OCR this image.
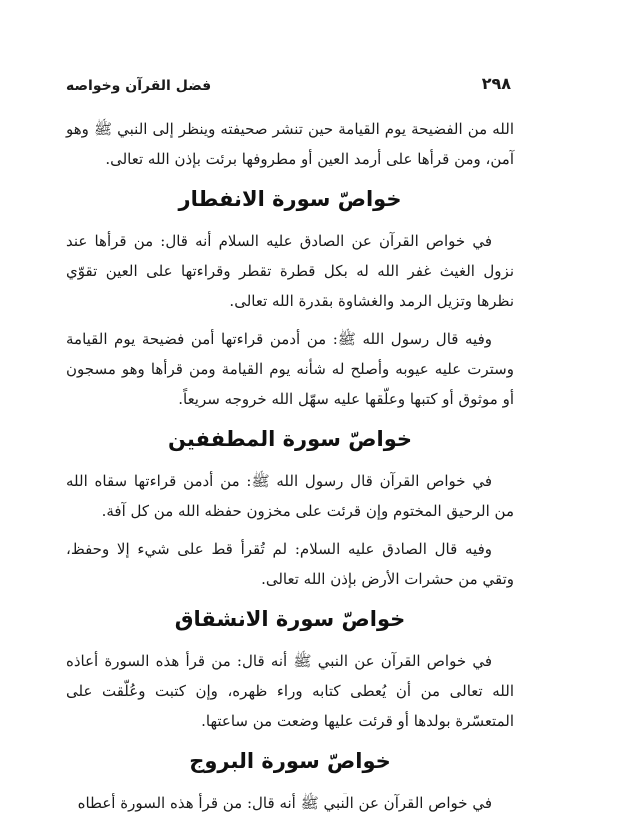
٢٩٨
فضل القرآن وخواصه

الله من الفضيحة يوم القيامة حين تنشر صحيفته وينظر إلى النبي ﷺ وهو آمن، ومن قرأها على أرمد العين أو مطروفها برئت بإذن الله تعالى.

خواصّ سورة الانفطار

في خواص القرآن عن الصادق عليه السلام أنه قال: من قرأها عند نزول الغيث غفر الله له بكل قطرة تقطر وقراءتها على العين تقوّي نظرها وتزيل الرمد والغشاوة بقدرة الله تعالى.

وفيه قال رسول الله ﷺ: من أدمن قراءتها أمن فضيحة يوم القيامة وسترت عليه عيوبه وأصلح له شأنه يوم القيامة ومن قرأها وهو مسجون أو موثوق أو كتبها وعلّقها عليه سهّل الله خروجه سريعاً.

خواصّ سورة المطففين

في خواص القرآن قال رسول الله ﷺ: من أدمن قراءتها سقاه الله من الرحيق المختوم وإن قرئت على مخزون حفظه الله من كل آفة.

وفيه قال الصادق عليه السلام: لم تُقرأ قط على شيء إلا وحفظ، وتقي من حشرات الأرض بإذن الله تعالى.

خواصّ سورة الانشقاق

في خواص القرآن عن النبي ﷺ أنه قال: من قرأ هذه السورة أعاذه الله تعالى من أن يُعطى كتابه وراء ظهره، وإن كتبت وعُلّقت على المتعسّرة بولدها أو قرئت عليها وضعت من ساعتها.

خواصّ سورة البروج

في خواص القرآن عن النبي ﷺ أنه قال: من قرأ هذه السورة أعطاه
